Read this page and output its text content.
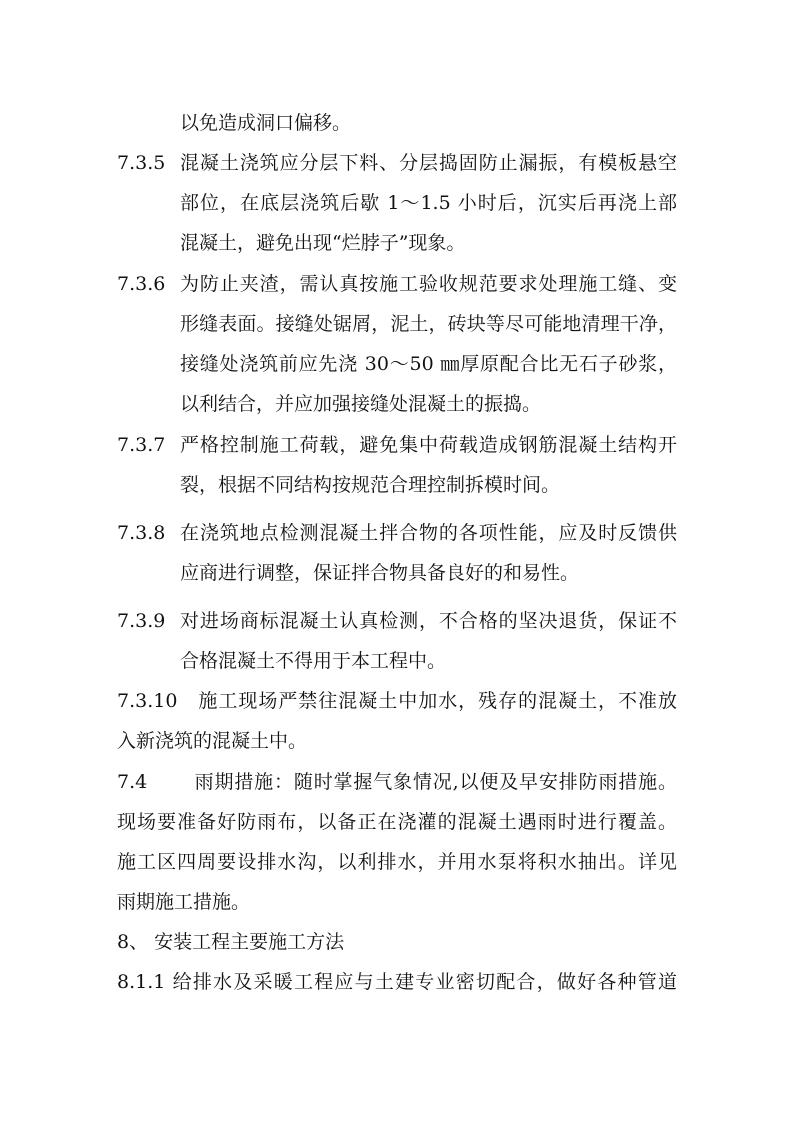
以免造成洞口偏移。
7.3.5 混凝土浇筑应分层下料、分层捣固防止漏振，有模板悬空
部位，在底层浇筑后歇 1～1.5 小时后，沉实后再浇上部
混凝土，避免出现“烂脖子”现象。
7.3.6 为防止夹渣，需认真按施工验收规范要求处理施工缝、变
形缝表面。接缝处锯屑，泥土，砖块等尽可能地清理干净，
接缝处浇筑前应先浇 30～50 ㎜厚原配合比无石子砂浆，
以利结合，并应加强接缝处混凝土的振捣。
7.3.7 严格控制施工荷载，避免集中荷载造成钢筋混凝土结构开
裂，根据不同结构按规范合理控制拆模时间。
7.3.8 在浇筑地点检测混凝土拌合物的各项性能，应及时反馈供
应商进行调整，保证拌合物具备良好的和易性。
7.3.9 对进场商标混凝土认真检测，不合格的坚决退货，保证不
合格混凝土不得用于本工程中。
7.3.10　施工现场严禁往混凝土中加水，残存的混凝土，不准放
入新浇筑的混凝土中。
7.4　　 雨期措施：随时掌握气象情况,以便及早安排防雨措施。
现场要准备好防雨布，以备正在浇灌的混凝土遇雨时进行覆盖。
施工区四周要设排水沟，以利排水，并用水泵将积水抽出。详见
雨期施工措施。
8、 安装工程主要施工方法
8.1.1 给排水及采暖工程应与土建专业密切配合，做好各种管道
